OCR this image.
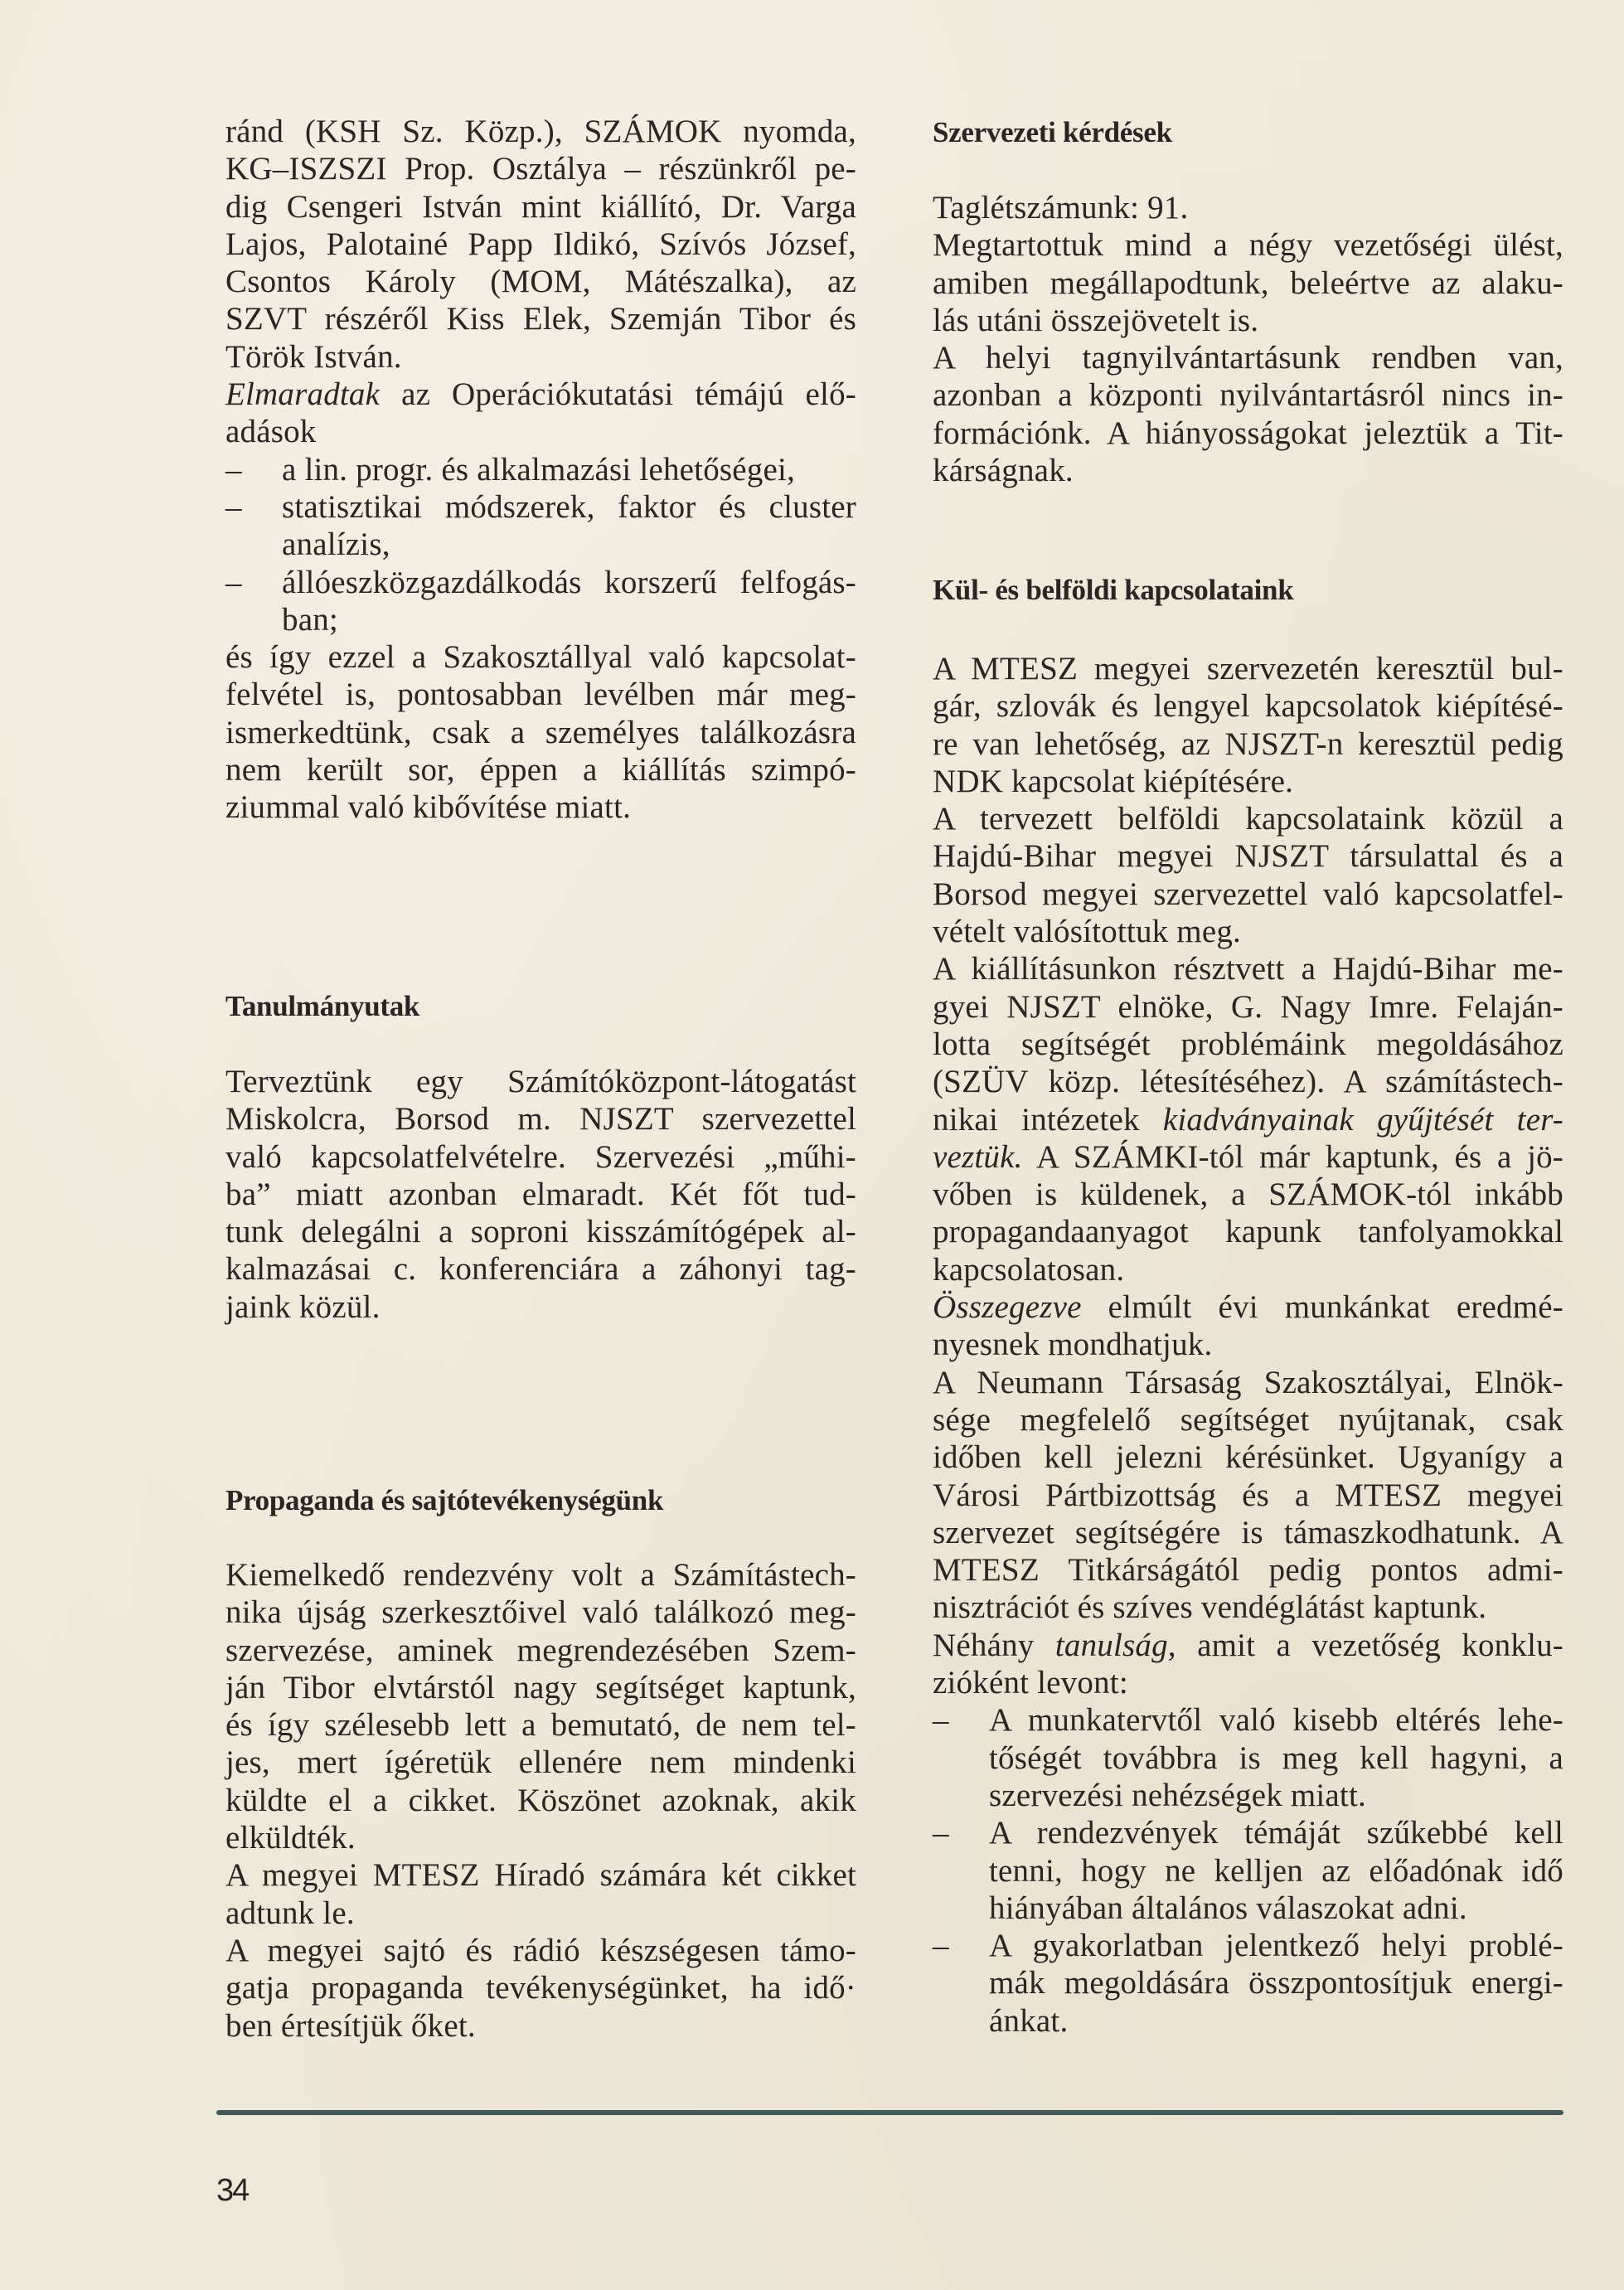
ránd (KSH Sz. Közp.), SZÁMOK nyomda,
KG–ISZSZI Prop. Osztálya – részünkről pe-
dig Csengeri István mint kiállító, Dr. Varga
Lajos, Palotainé Papp Ildikó, Szívós József,
Csontos Károly (MOM, Mátészalka), az
SZVT részéről Kiss Elek, Szemján Tibor és
Török István.
Elmaradtak az Operációkutatási témájú elő-
adások
– a lin. progr. és alkalmazási lehetőségei,
– statisztikai módszerek, faktor és cluster
analízis,
– állóeszközgazdálkodás korszerű felfogás-
ban;
és így ezzel a Szakosztállyal való kapcsolat-
felvétel is, pontosabban levélben már meg-
ismerkedtünk, csak a személyes találkozásra
nem került sor, éppen a kiállítás szimpó-
ziummal való kibővítése miatt.
Tanulmányutak
Terveztünk egy Számítóközpont-látogatást
Miskolcra, Borsod m. NJSZT szervezettel
való kapcsolatfelvételre. Szervezési „műhi-
ba” miatt azonban elmaradt. Két főt tud-
tunk delegálni a soproni kisszámítógépek al-
kalmazásai c. konferenciára a záhonyi tag-
jaink közül.
Propaganda és sajtótevékenységünk
Kiemelkedő rendezvény volt a Számítástech-
nika újság szerkesztőivel való találkozó meg-
szervezése, aminek megrendezésében Szem-
ján Tibor elvtárstól nagy segítséget kaptunk,
és így szélesebb lett a bemutató, de nem tel-
jes, mert ígéretük ellenére nem mindenki
küldte el a cikket. Köszönet azoknak, akik
elküldték.
A megyei MTESZ Híradó számára két cikket
adtunk le.
A megyei sajtó és rádió készségesen támo-
gatja propaganda tevékenységünket, ha idő·
ben értesítjük őket.
Szervezeti kérdések
Taglétszámunk: 91.
Megtartottuk mind a négy vezetőségi ülést,
amiben megállapodtunk, beleértve az alaku-
lás utáni összejövetelt is.
A helyi tagnyilvántartásunk rendben van,
azonban a központi nyilvántartásról nincs in-
formációnk. A hiányosságokat jeleztük a Tit-
kárságnak.
Kül- és belföldi kapcsolataink
A MTESZ megyei szervezetén keresztül bul-
gár, szlovák és lengyel kapcsolatok kiépítésé-
re van lehetőség, az NJSZT-n keresztül pedig
NDK kapcsolat kiépítésére.
A tervezett belföldi kapcsolataink közül a
Hajdú-Bihar megyei NJSZT társulattal és a
Borsod megyei szervezettel való kapcsolatfel-
vételt valósítottuk meg.
A kiállításunkon résztvett a Hajdú-Bihar me-
gyei NJSZT elnöke, G. Nagy Imre. Felaján-
lotta segítségét problémáink megoldásához
(SZÜV közp. létesítéséhez). A számítástech-
nikai intézetek kiadványainak gyűjtését ter-
veztük. A SZÁMKI-tól már kaptunk, és a jö-
vőben is küldenek, a SZÁMOK-tól inkább
propagandaanyagot kapunk tanfolyamokkal
kapcsolatosan.
Összegezve elmúlt évi munkánkat eredmé-
nyesnek mondhatjuk.
A Neumann Társaság Szakosztályai, Elnök-
sége megfelelő segítséget nyújtanak, csak
időben kell jelezni kérésünket. Ugyanígy a
Városi Pártbizottság és a MTESZ megyei
szervezet segítségére is támaszkodhatunk. A
MTESZ Titkárságától pedig pontos admi-
nisztrációt és szíves vendéglátást kaptunk.
Néhány tanulság, amit a vezetőség konklu-
zióként levont:
– A munkatervtől való kisebb eltérés lehe-
tőségét továbbra is meg kell hagyni, a
szervezési nehézségek miatt.
– A rendezvények témáját szűkebbé kell
tenni, hogy ne kelljen az előadónak idő
hiányában általános válaszokat adni.
– A gyakorlatban jelentkező helyi problé-
mák megoldására összpontosítjuk energi-
ánkat.
34
